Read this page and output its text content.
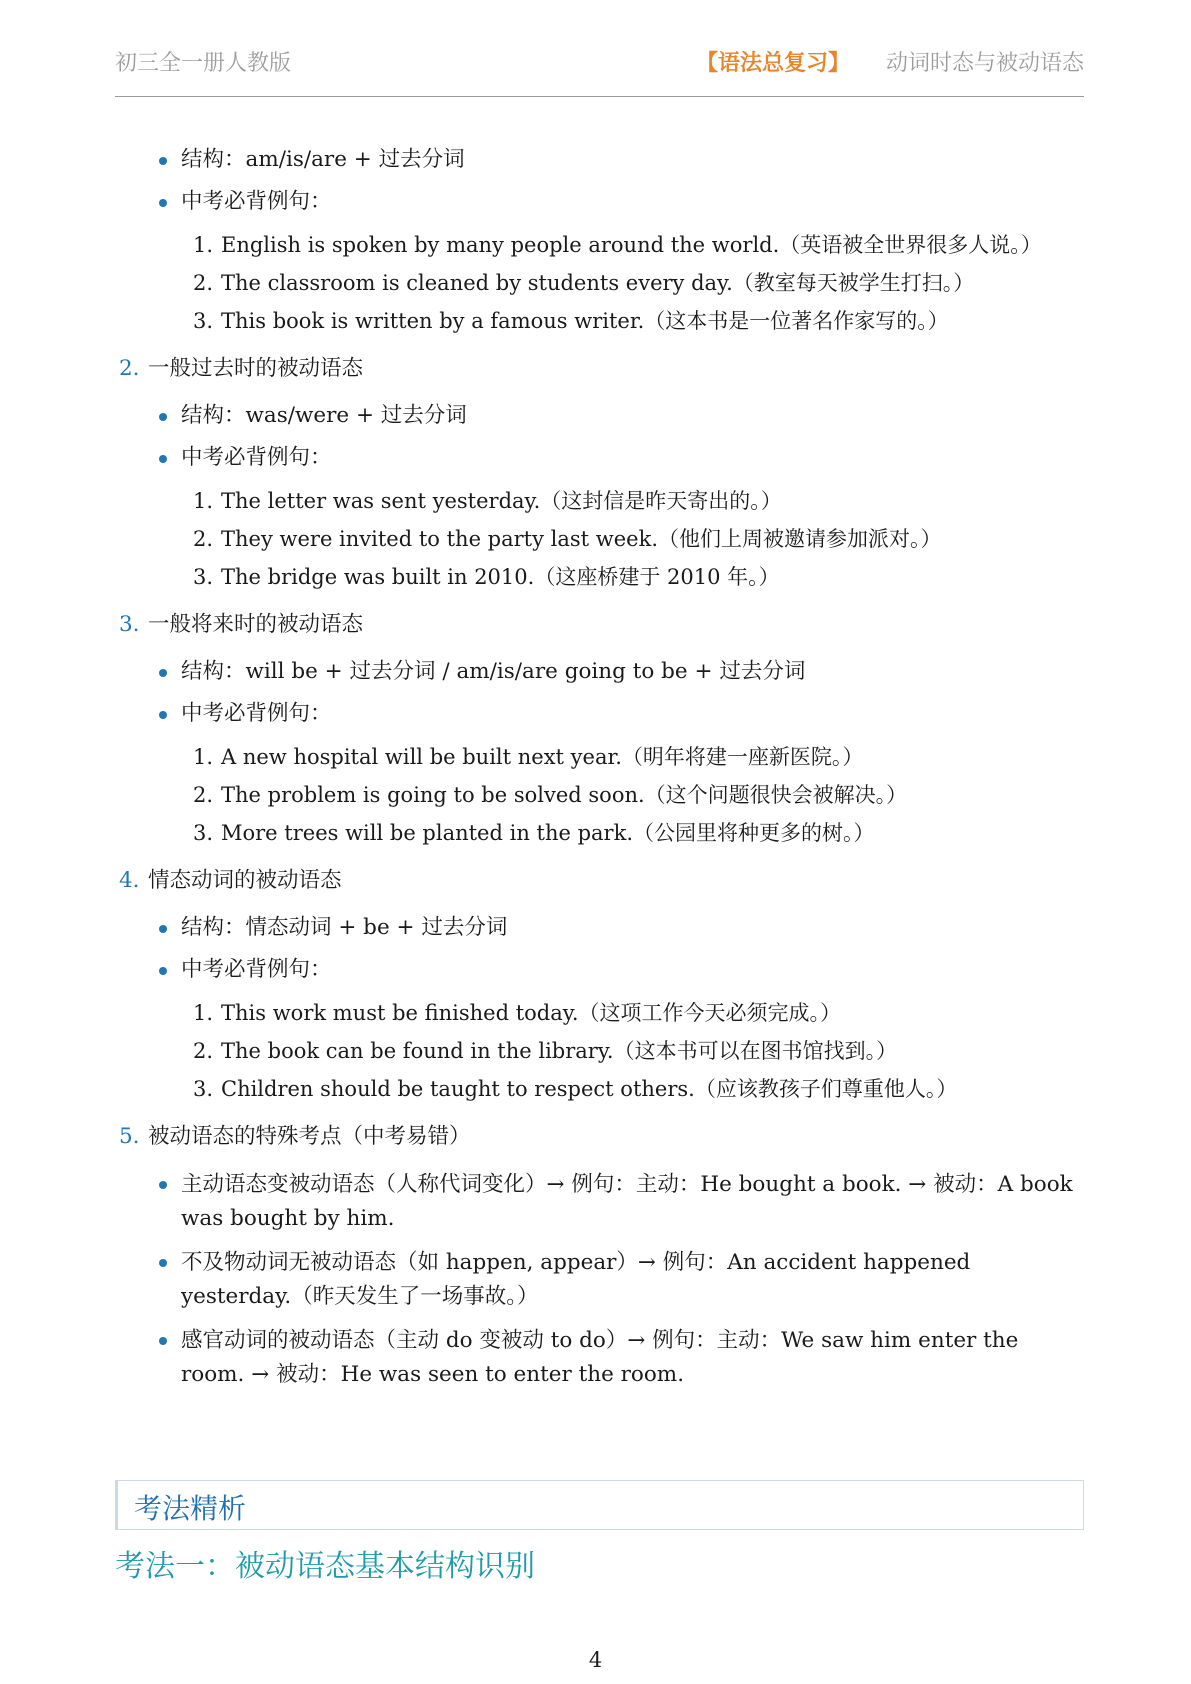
初三全一册人教版	【语法总复习】 动词时态与被动语态
结构：am/is/are + 过去分词
中考必背例句：
1. English is spoken by many people around the world.（英语被全世界很多人说。）
2. The classroom is cleaned by students every day.（教室每天被学生打扫。）
3. This book is written by a famous writer.（这本书是一位著名作家写的。）
2. 一般过去时的被动语态
结构：was/were + 过去分词
中考必背例句：
1. The letter was sent yesterday.（这封信是昨天寄出的。）
2. They were invited to the party last week.（他们上周被邀请参加派对。）
3. The bridge was built in 2010.（这座桥建于 2010 年。）
3. 一般将来时的被动语态
结构：will be + 过去分词 / am/is/are going to be + 过去分词
中考必背例句：
1. A new hospital will be built next year.（明年将建一座新医院。）
2. The problem is going to be solved soon.（这个问题很快会被解决。）
3. More trees will be planted in the park.（公园里将种更多的树。）
4. 情态动词的被动语态
结构：情态动词 + be + 过去分词
中考必背例句：
1. This work must be finished today.（这项工作今天必须完成。）
2. The book can be found in the library.（这本书可以在图书馆找到。）
3. Children should be taught to respect others.（应该教孩子们尊重他人。）
5. 被动语态的特殊考点（中考易错）
主动语态变被动语态（人称代词变化）→ 例句：主动：He bought a book. → 被动：A book was bought by him.
不及物动词无被动语态（如 happen, appear）→ 例句：An accident happened yesterday.（昨天发生了一场事故。）
感官动词的被动语态（主动 do 变被动 to do）→ 例句：主动：We saw him enter the room. → 被动：He was seen to enter the room.
考法精析
考法一：被动语态基本结构识别
4
